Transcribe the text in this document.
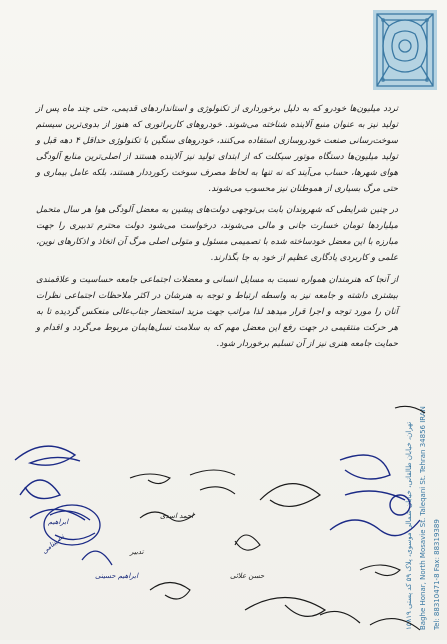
تهران، خیابان طالقانی، خیابان شمالی موسوی، پلاک ۵۹ کد پستی ۱۵۸۱۹ Baghe Honar, North Mosavie St. Taleqani St. Tehran 34856 IRAN Tel: 88310471-8 Fax: 88319389

تردد میلیون‌ها خودرو که به دلیل برخورداری از تکنولوژی و استانداردهای قدیمی، حتی چند ماه پس از تولید نیز به عنوان منبع آلاینده شناخته می‌شوند. خودروهای کاربراتوری که هنوز از بدوی‌ترین سیستم سوخت‌رسانی صنعت خودروسازی استفاده می‌کنند، خودروهای سنگین با تکنولوژی حداقل ۴ دهه قبل و تولید میلیون‌ها دستگاه موتور سیکلت که از ابتدای تولید نیز آلاینده هستند از اصلی‌ترین منابع آلودگی هوای شهرها، حساب می‌آیند که نه تنها به لحاظ مصرف سوخت رکورددار هستند، بلکه عامل بیماری و حتی مرگ بسیاری از هموطنان نیز محسوب می‌شوند.

در چنین شرایطی که شهروندان بابت بی‌توجهی دولت‌های پیشین به معضل آلودگی هوا هر سال متحمل میلیاردها تومان خسارت جانی و مالی می‌شوند، درخواست می‌شود دولت محترم تدبیری را جهت مبارزه با این معضل خودساخته شده با تصمیمی مسئول و متولی اصلی مرگ آن اتخاذ و اذکارهای نوین، علمی و کاربردی یادگاری عظیم از خود به جا بگذارند.

از آنجا که هنرمندان همواره نسبت به مسایل انسانی و معضلات اجتماعی جامعه حساسیت و علاقمندی بیشتری داشته و جامعه نیز به واسطه ارتباط و توجه به هنرشان در اکثر ملاحظات اجتماعی نظرات آنان را مورد توجه و اجرا قرار میدهد لذا مراتب جهت مزید استحضار جناب‌عالی منعکس گردیده تا به هر حرکت منتقیمی در جهت رفع این معضل مهم که به سلامت نسل‌هایمان مربوط می‌گردد و اقدام و حمایت جامعه هنری نیز از آن تسلیم برخوردار شود.

ابراهیم
نصیبنامی
احمد اسدی
حسن علائی
ابراهیم حسینی
تدبیر
